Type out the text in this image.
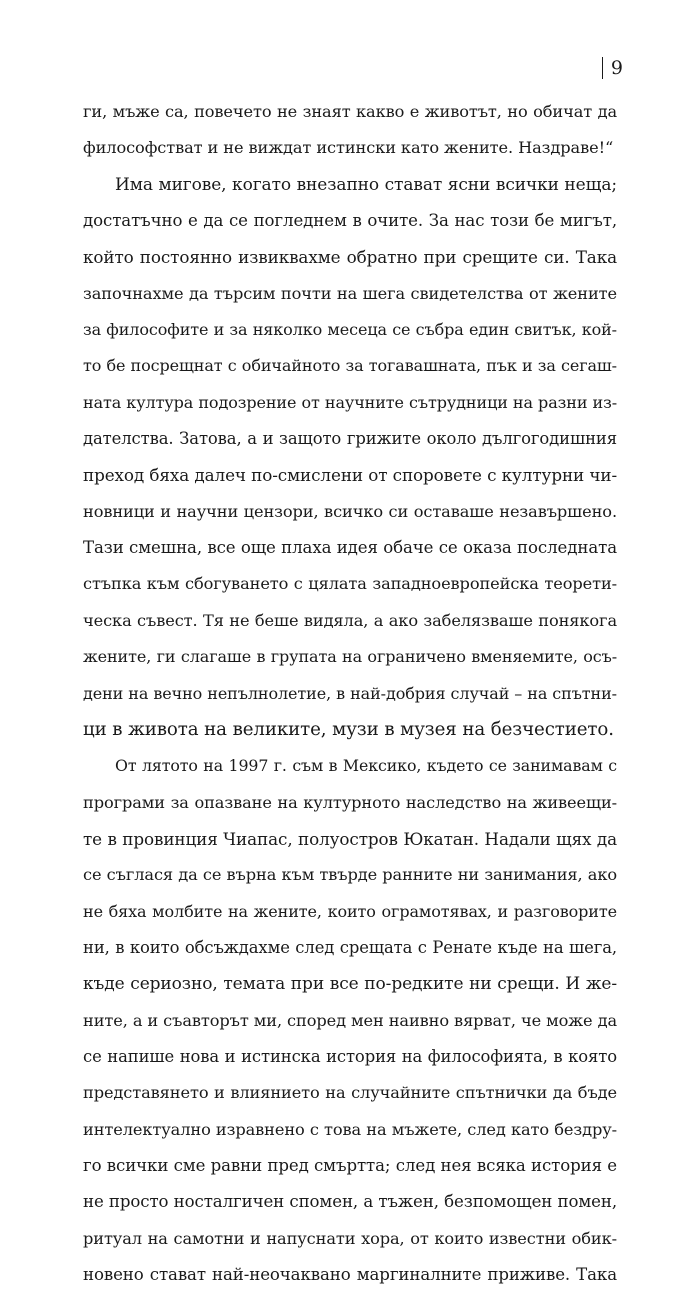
9
ги, мъже са, повечето не знаят какво е животът, но обичат да
философстват и не виждат истински като жените. Наздраве!“
Има мигове, когато внезапно стават ясни всички неща;
достатъчно е да се погледнем в очите. За нас този бе мигът,
който постоянно извиквахме обратно при срещите си. Така
започнахме да търсим почти на шега свидетелства от жените
за философите и за няколко месеца се събра един свитък, кой-
то бе посрещнат с обичайното за тогавашната, пък и за сегаш-
ната култура подозрение от научните сътрудници на разни из-
дателства. Затова, а и защото грижите около дългогодишния
преход бяха далеч по-смислени от споровете с културни чи-
новници и научни цензори, всичко си оставаше незавършено.
Тази смешна, все още плаха идея обаче се оказа последната
стъпка към сбогуването с цялата западноевропейска теорети-
ческа съвест. Тя не беше видяла, а ако забелязваше понякога
жените, ги слагаше в групата на ограничено вменяемите, осъ-
дени на вечно непълнолетие, в най-добрия случай – на спътни-
ци в живота на великите, музи в музея на безчестието.
От лятото на 1997 г. съм в Мексико, където се занимавам с
програми за опазване на културното наследство на живеещи-
те в провинция Чиапас, полуостров Юкатан. Надали щях да
се съглася да се върна към твърде ранните ни занимания, ако
не бяха молбите на жените, които ограмотявах, и разговорите
ни, в които обсъждахме след срещата с Ренате къде на шега,
къде сериозно, темата при все по-редките ни срещи. И же-
ните, а и съавторът ми, според мен наивно вярват, че може да
се напише нова и истинска история на философията, в която
представянето и влиянието на случайните спътнички да бъде
интелектуално изравнено с това на мъжете, след като бездру-
го всички сме равни пред смъртта; след нея всяка история е
не просто носталгичен спомен, а тъжен, безпомощен помен,
ритуал на самотни и напуснати хора, от които известни обик-
новено стават най-неочаквано маргиналните приживе. Така
